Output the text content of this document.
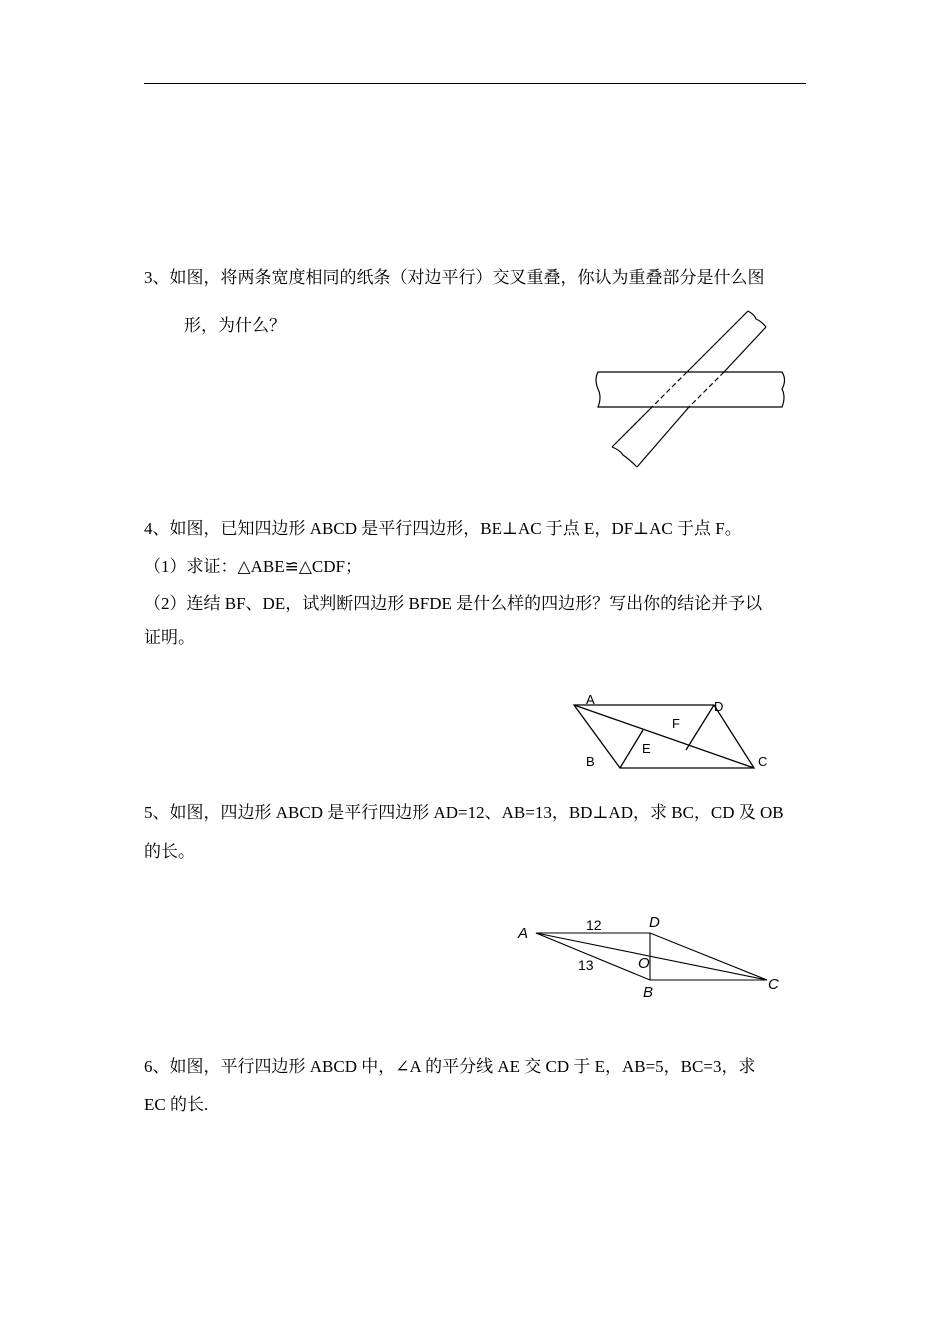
3、如图，将两条宽度相同的纸条（对边平行）交叉重叠，你认为重叠部分是什么图
形，为什么？
4、如图，已知四边形 ABCD 是平行四边形，BE⊥AC 于点 E，DF⊥AC 于点 F。
（1）求证：△ABE≌△CDF；
（2）连结 BF、DE，试判断四边形 BFDE 是什么样的四边形？写出你的结论并予以
证明。
A	D
F
E
B	C
5、如图，四边形 ABCD 是平行四边形 AD=12、AB=13，BD⊥AD，求 BC，CD 及 OB
的长。
A
D
O
B	C
12
13
6、如图，平行四边形 ABCD 中，∠A 的平分线 AE 交 CD 于 E，AB=5，BC=3，求
EC 的长.
